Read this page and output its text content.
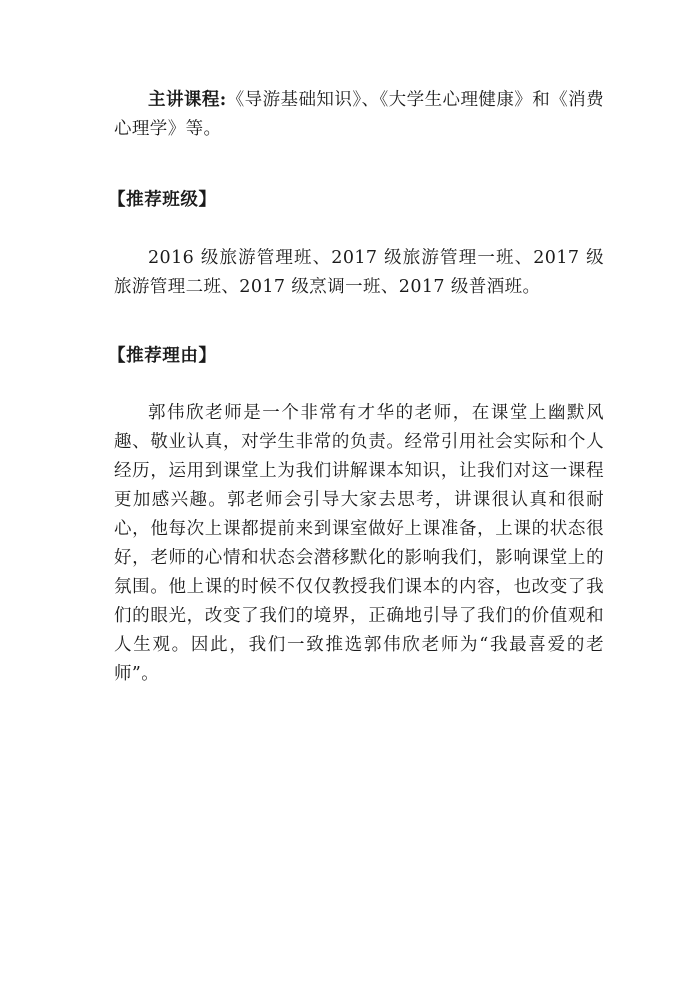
主讲课程:《导游基础知识》、《大学生心理健康》和《消费心理学》等。

【推荐班级】

2016 级旅游管理班、2017 级旅游管理一班、2017 级旅游管理二班、2017 级烹调一班、2017 级普酒班。

【推荐理由】

郭伟欣老师是一个非常有才华的老师，在课堂上幽默风趣、敬业认真，对学生非常的负责。经常引用社会实际和个人经历，运用到课堂上为我们讲解课本知识，让我们对这一课程更加感兴趣。郭老师会引导大家去思考，讲课很认真和很耐心，他每次上课都提前来到课室做好上课准备，上课的状态很好，老师的心情和状态会潜移默化的影响我们，影响课堂上的氛围。他上课的时候不仅仅教授我们课本的内容，也改变了我们的眼光，改变了我们的境界，正确地引导了我们的价值观和人生观。因此，我们一致推选郭伟欣老师为“我最喜爱的老师”。
